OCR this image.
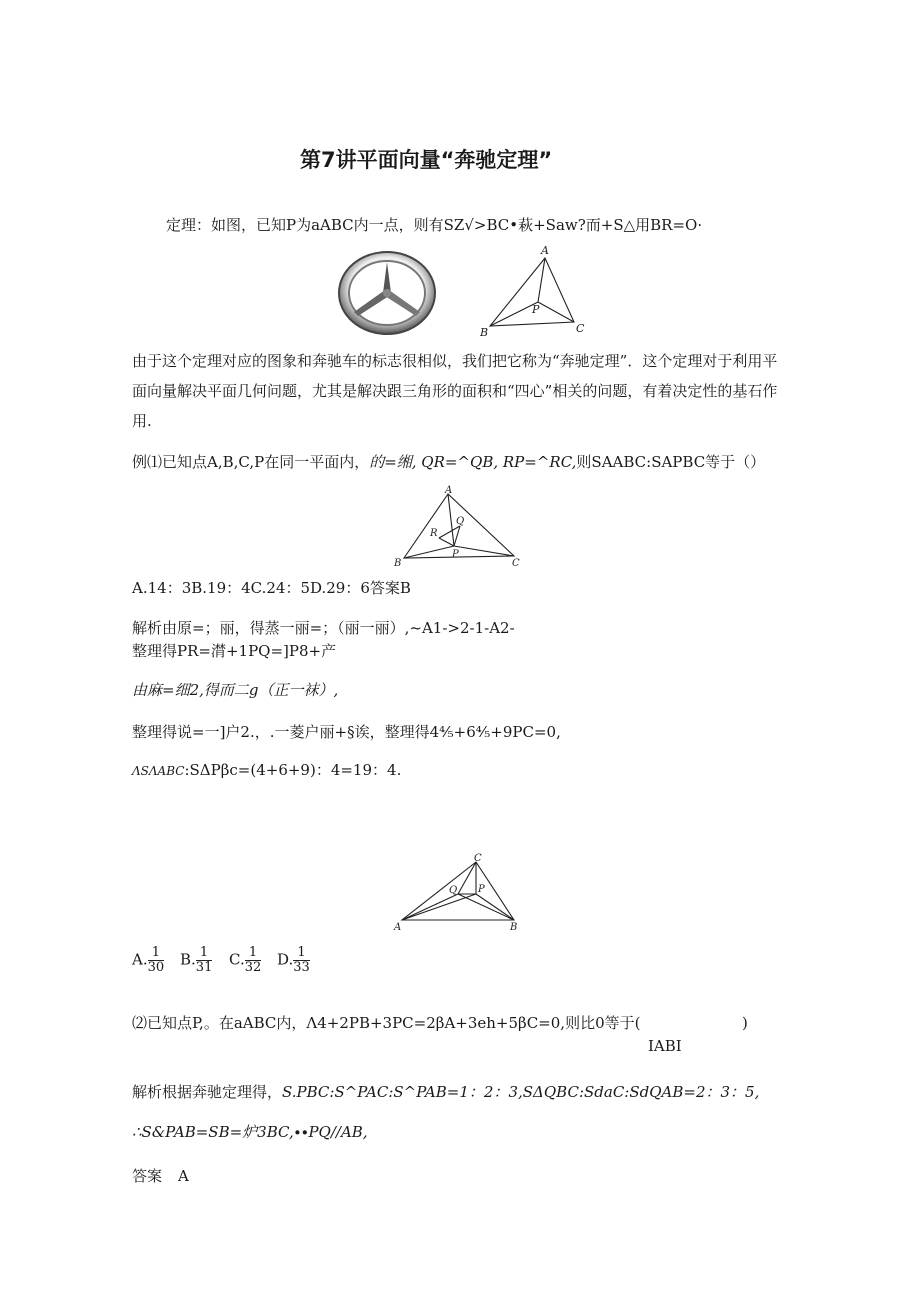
第7讲平面向量“奔驰定理”
定理：如图，已知P为aABC内一点，则有SZ√>BC•萩+Saw?而+S△用BR=O·
A
B	C
P
由于这个定理对应的图象和奔驰车的标志很相似，我们把它称为“奔驰定理”．这个定理对于利用平面向量解决平面几何问题，尤其是解决跟三角形的面积和“四心”相关的问题，有着决定性的基石作用.
例⑴已知点A,B,C,P在同一平面内，的=缃, QR=^QB, RP=^RC,则SAABC:SAPBC等于（）
A
B	C
P
Q
R
A.14：3B.19：4C.24：5D.29：6答案B
解析由原=；丽，得蒸一丽=；（丽一丽）,~A1->2-1-A2-
整理得PR=潸+1PQ=]P8+产
由麻=细2,得而二g（正一袜）,
整理得说=一]户2.，.一菱户丽+§诶，整理得4⅘+6⅘+9PC=0,
ΛSΛABC:SΔPβc=(4+6+9)：4=19：4.
C
A	B
P
Q
A. $\frac{1}{30} B$. $\frac{1}{31} C$. $\frac{1}{32} D$. $\frac{1}{33}$
⑵已知点P,。在aABC内，Λ4+2PB+3PC=2βA+3eh+5βC=0,则比0等于(	)
IABI
解析根据奔驰定理得，S.PBC:S^PAC:S^PAB=1：2：3,SΔQBC:SdaC:SdQAB=2：3：5,
∴S&PAB=SB=炉3BC,∙∙PQ//AB,
答案 A
